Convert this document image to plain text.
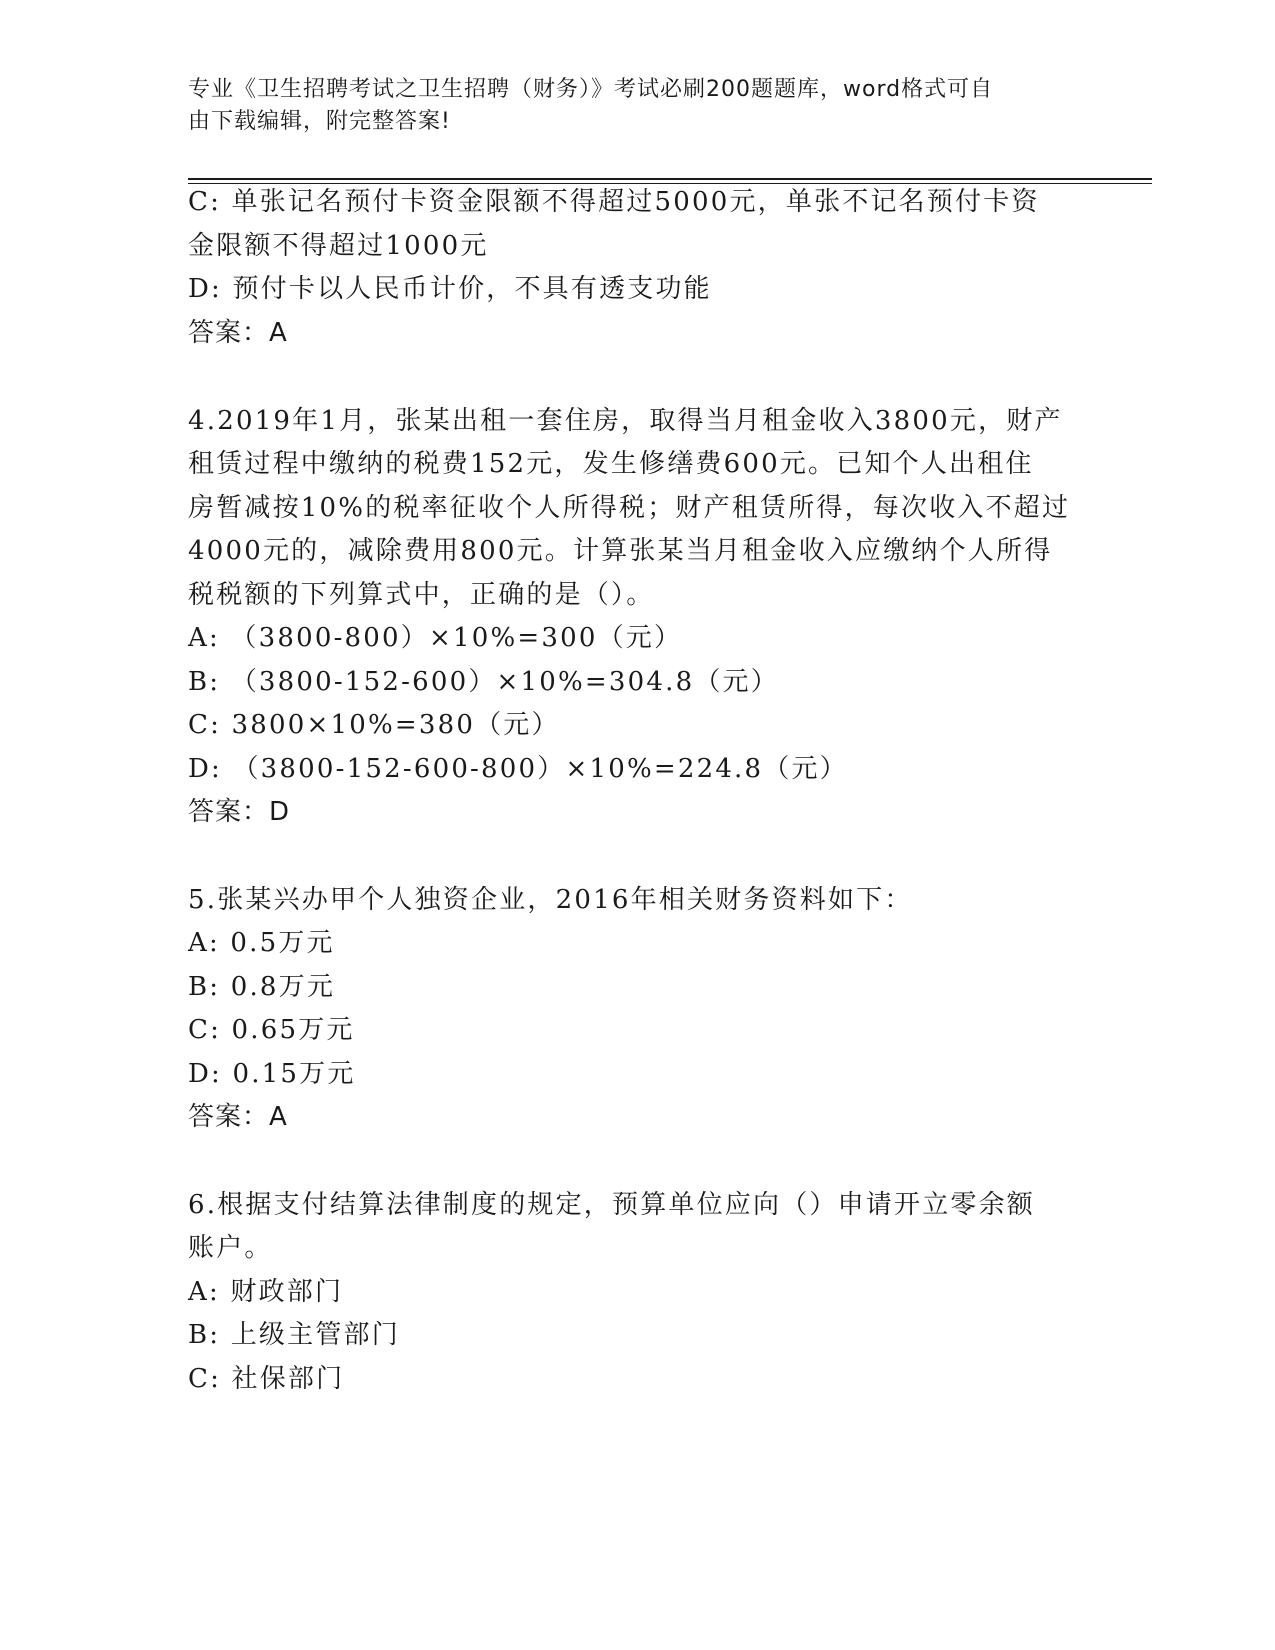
专业《卫生招聘考试之卫生招聘（财务）》考试必刷200题题库，word格式可自
由下载编辑，附完整答案!
C: 单张记名预付卡资金限额不得超过5000元，单张不记名预付卡资
金限额不得超过1000元
D: 预付卡以人民币计价，不具有透支功能
答案：A
4.2019年1月，张某出租一套住房，取得当月租金收入3800元，财产
租赁过程中缴纳的税费152元，发生修缮费600元。已知个人出租住
房暂减按10%的税率征收个人所得税；财产租赁所得，每次收入不超过
4000元的，减除费用800元。计算张某当月租金收入应缴纳个人所得
税税额的下列算式中，正确的是（）。
A: （3800-800）×10%=300（元）
B: （3800-152-600）×10%=304.8（元）
C: 3800×10%=380（元）
D: （3800-152-600-800）×10%=224.8（元）
答案：D
5.张某兴办甲个人独资企业，2016年相关财务资料如下：
A: 0.5万元
B: 0.8万元
C: 0.65万元
D: 0.15万元
答案：A
6.根据支付结算法律制度的规定，预算单位应向（）申请开立零余额
账户。
A: 财政部门
B: 上级主管部门
C: 社保部门
